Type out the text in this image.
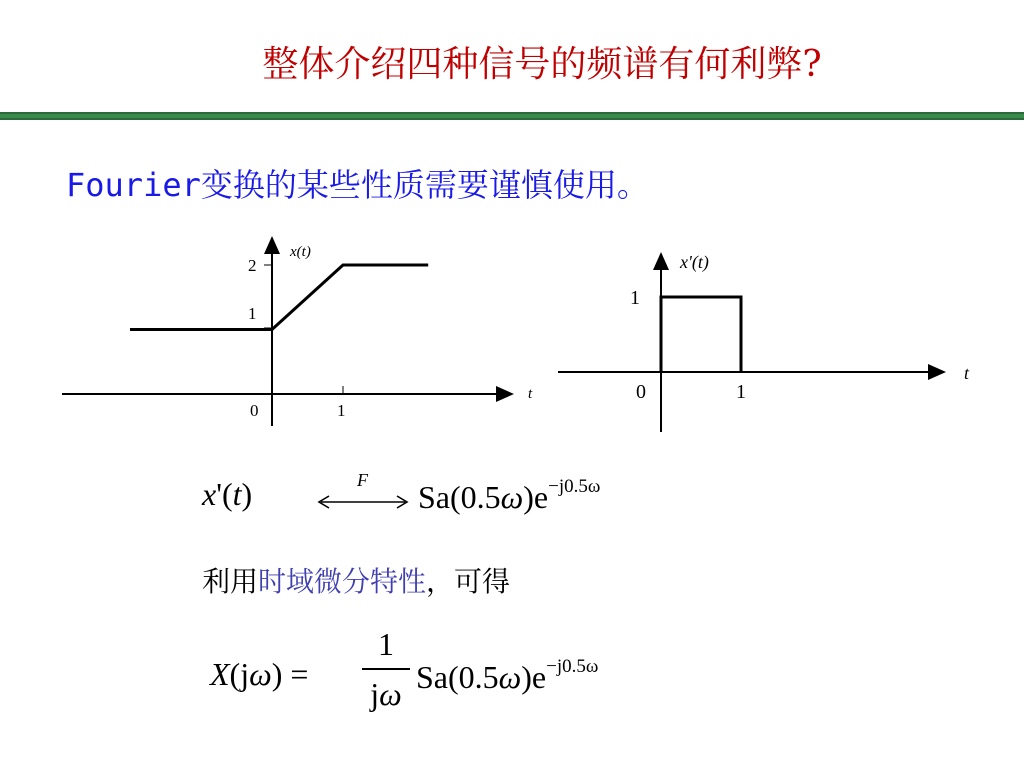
整体介绍四种信号的频谱有何利弊?
Fourier变换的某些性质需要谨慎使用。
x(t)
t
2
1
0	1
x'(t)
t
1
0	1
x'(t)	F $Sa(0.5\omega)e^{-j0.5\omega}$
利用时域微分特性，可得
X(jω) =
1
jω $Sa(0.5\omega)e^{-j0.5\omega}$
